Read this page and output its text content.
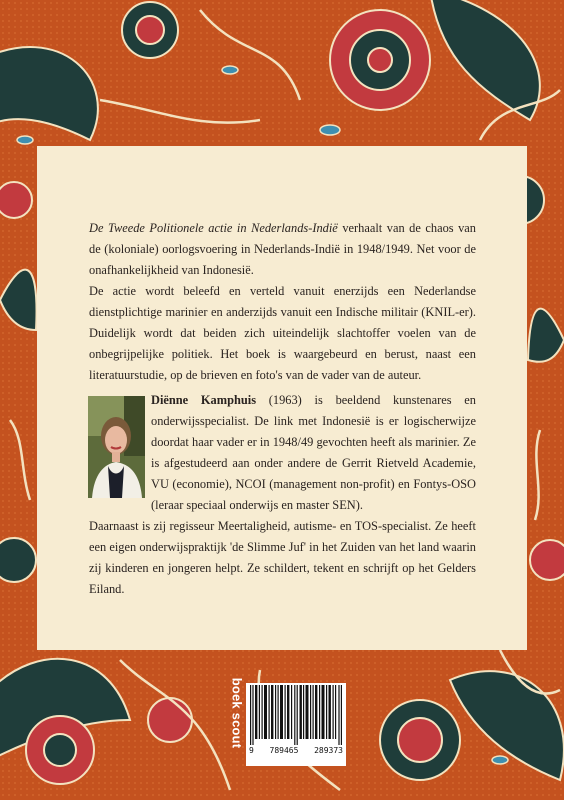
De Tweede Politionele actie in Nederlands-Indië verhaalt van de chaos van de (koloniale) oorlogsvoering in Nederlands-Indië in 1948/1949. Net voor de onafhankelijkheid van Indonesië.

De actie wordt beleefd en verteld vanuit enerzijds een Nederlandse dienstplichtige marinier en anderzijds vanuit een Indische militair (KNIL-er). Duidelijk wordt dat beiden zich uiteindelijk slachtoffer voelen van de onbegrijpelijke politiek. Het boek is waargebeurd en berust, naast een literatuurstudie, op de brieven en foto's van de vader van de auteur.

Diënne Kamphuis (1963) is beeldend kunstenares en onderwijsspecialist. De link met Indonesië is er logischerwijze doordat haar vader er in 1948/49 gevochten heeft als marinier. Ze is afgestudeerd aan onder andere de Gerrit Rietveld Academie, VU (economie), NCOI (management non-profit) en Fontys-OSO (leraar speciaal onderwijs en master SEN).

Daarnaast is zij regisseur Meertaligheid, autisme- en TOS-specialist. Ze heeft een eigen onderwijspraktijk 'de Slimme Juf' in het Zuiden van het land waarin zij kinderen en jongeren helpt. Ze schildert, tekent en schrijft op het Gelders Eiland.

boek scout
9 789465 289373
